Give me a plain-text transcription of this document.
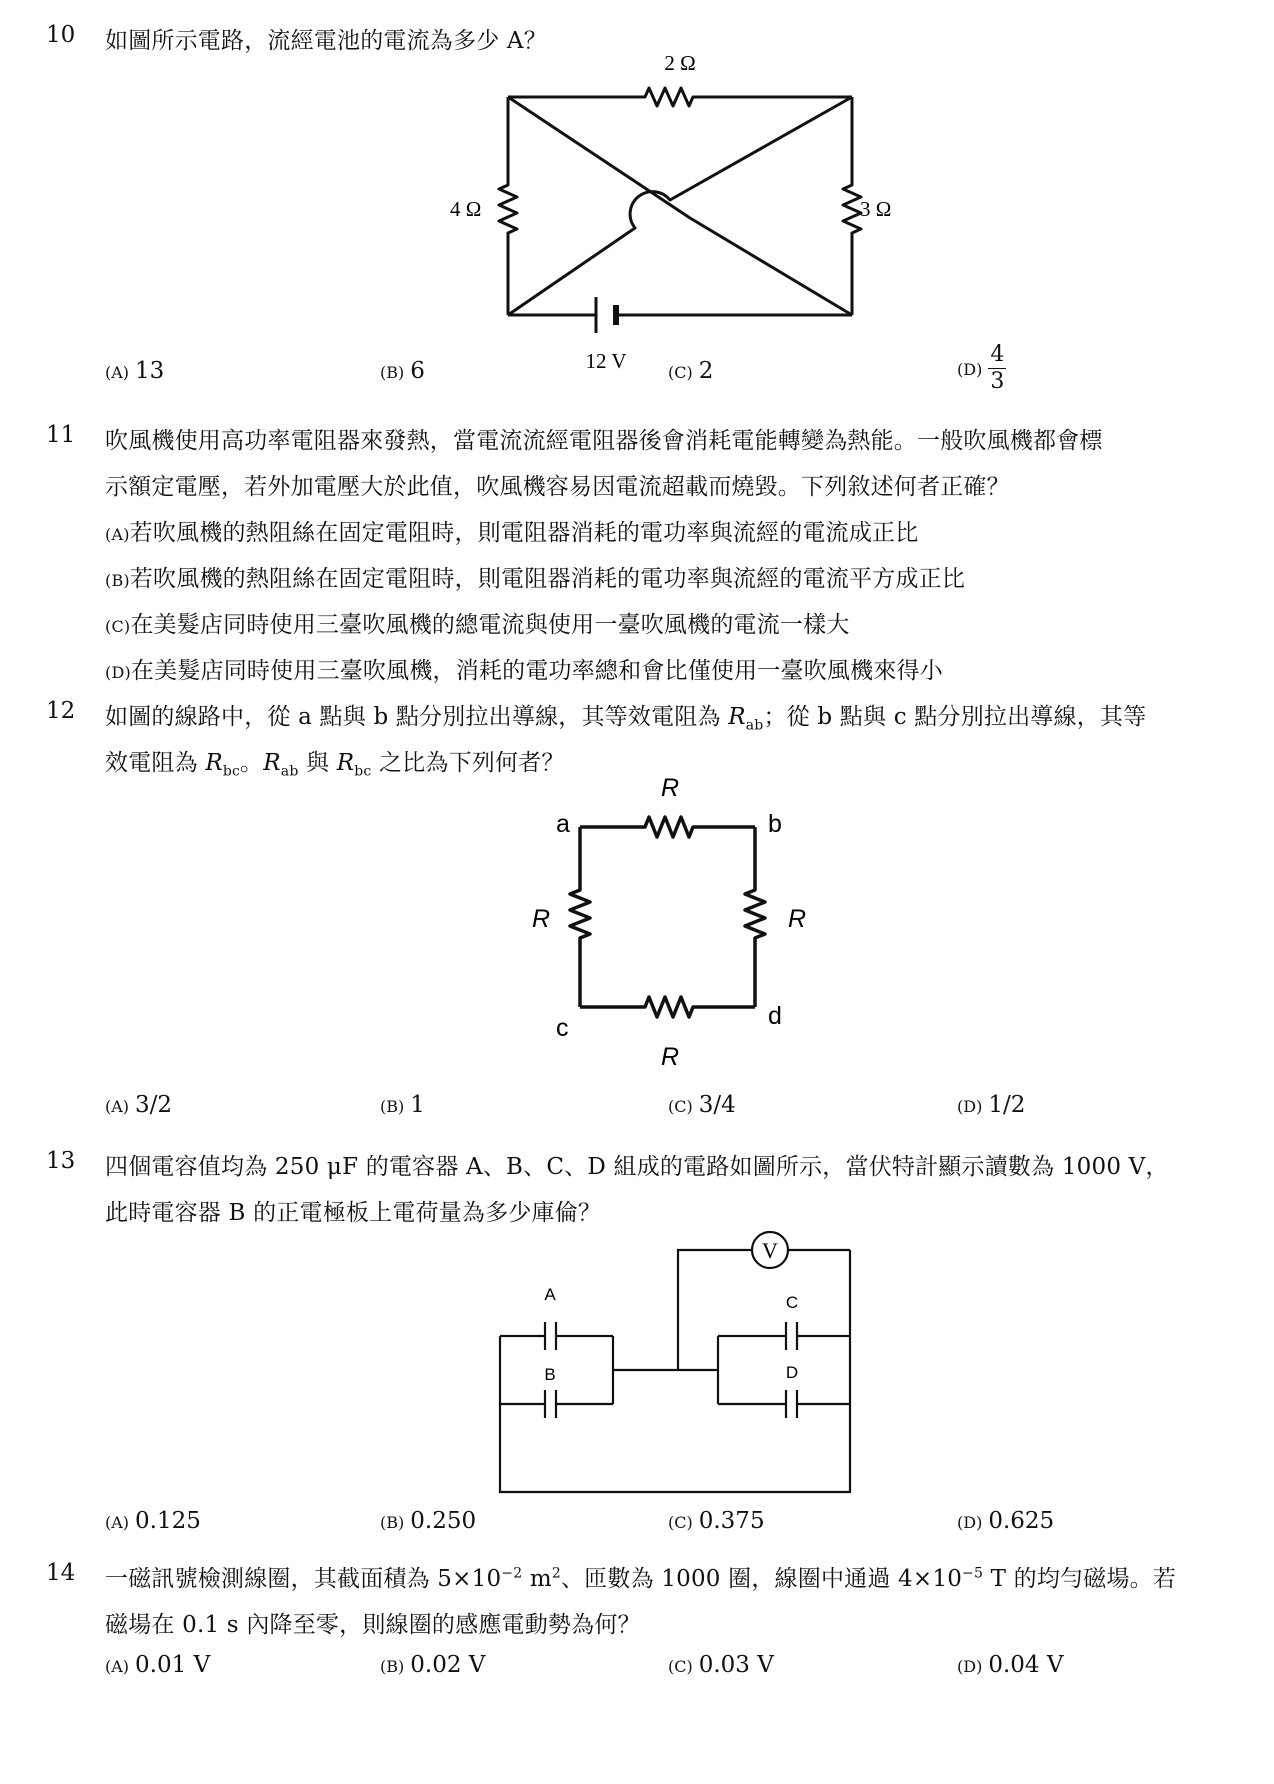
10 如圖所示電路，流經電池的電流為多少 A？
2 Ω
4 Ω	3 Ω
12 V
(A) 13	(B) 6	(C) 2	$(D) \frac{4}{3}$
11 吹風機使用高功率電阻器來發熱，當電流流經電阻器後會消耗電能轉變為熱能。一般吹風機都會標
示額定電壓，若外加電壓大於此值，吹風機容易因電流超載而燒毀。下列敘述何者正確？
(A)若吹風機的熱阻絲在固定電阻時，則電阻器消耗的電功率與流經的電流成正比
(B)若吹風機的熱阻絲在固定電阻時，則電阻器消耗的電功率與流經的電流平方成正比
(C)在美髮店同時使用三臺吹風機的總電流與使用一臺吹風機的電流一樣大
(D)在美髮店同時使用三臺吹風機，消耗的電功率總和會比僅使用一臺吹風機來得小
12 如圖的線路中，從 a 點與 b 點分別拉出導線，其等效電阻為 $R_{ab}$；從 b 點與 c 點分別拉出導線，其等
效電阻為 $R_{bc}$。$R_{ab}$ 與 $R_{bc}$ 之比為下列何者？
a	b
c	d
R
R	R
R
(A) 3/2	(B) 1	(C) 3/4	(D) 1/2
13 四個電容值均為 250 μF 的電容器 A、B、C、D 組成的電路如圖所示，當伏特計顯示讀數為 1000 V，
此時電容器 B 的正電極板上電荷量為多少庫倫？
V
A
B
C
D
(A) 0.125	(B) 0.250	(C) 0.375	(D) 0.625
14 一磁訊號檢測線圈，其截面積為 $5\times 10^{-2}$ $m^2$、匝數為 1000 圈，線圈中通過 $4\times 10^{-5}$ T 的均勻磁場。若
磁場在 0.1 s 內降至零，則線圈的感應電動勢為何？
(A) 0.01 V	(B) 0.02 V	(C) 0.03 V	(D) 0.04 V
